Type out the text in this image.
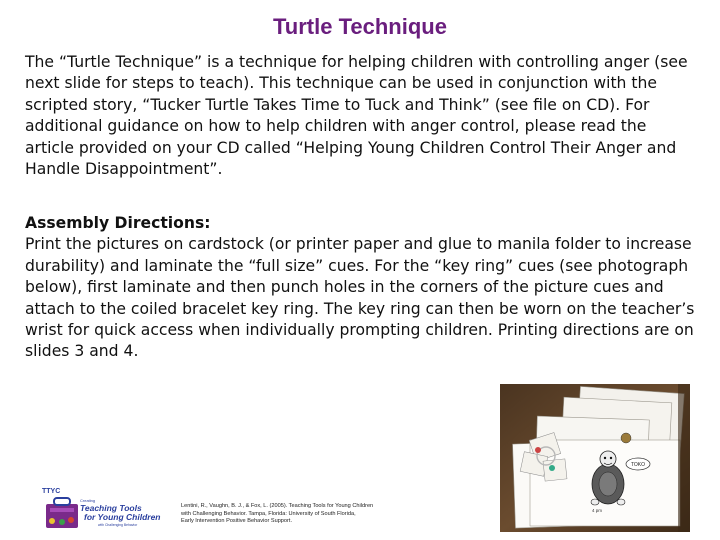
Turtle Technique

The “Turtle Technique” is a technique for helping children with controlling anger (see next slide for steps to teach). This technique can be used in conjunction with the scripted story, “Tucker Turtle Takes Time to Tuck and Think” (see file on CD). For additional guidance on how to help children with anger control, please read the article provided on your CD called “Helping Young Children Control Their Anger and Handle Disappointment”.

Assembly Directions:
Print the pictures on cardstock (or printer paper and glue to manila folder to increase durability) and laminate the “full size” cues. For the “key ring” cues (see photograph below), first laminate and then punch holes in the corners of the picture cues and attach to the coiled bracelet key ring. The key ring can then be worn on the teacher’s wrist for quick access when individually prompting children. Printing directions are on slides 3 and 4.

TOKO
4 pm
TTYC
Creating
Teaching Tools
for Young Children
with Challenging Behavior
Lentini, R., Vaughn, B. J., & Fox, L. (2005). Teaching Tools for Young Children
with Challenging Behavior. Tampa, Florida: University of South Florida,
Early Intervention Positive Behavior Support.
